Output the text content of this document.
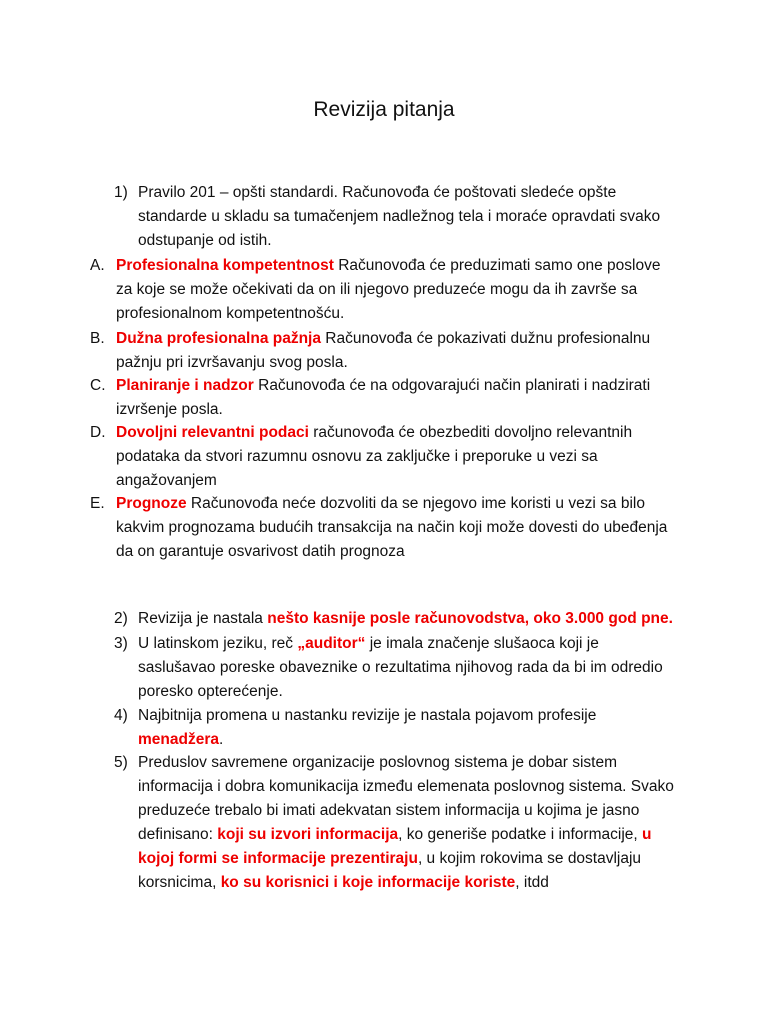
Revizija pitanja
1) Pravilo 201 – opšti standardi. Računovođa će poštovati sledeće opšte standarde u skladu sa tumačenjem nadležnog tela i moraće opravdati svako odstupanje od istih.
A. Profesionalna kompetentnost Računovođa će preduzimati samo one poslove za koje se može očekivati da on ili njegovo preduzeće mogu da ih završe sa profesionalnom kompetentnošću.
B. Dužna profesionalna pažnja Računovođa će pokazivati dužnu profesionalnu pažnju pri izvršavanju svog posla.
C. Planiranje i nadzor Računovođa će na odgovarajući način planirati i nadzirati izvršenje posla.
D. Dovoljni relevantni podaci računovođa će obezbediti dovoljno relevantnih podataka da stvori razumnu osnovu za zaključke i preporuke u vezi sa angažovanjem
E. Prognoze Računovođa neće dozvoliti da se njegovo ime koristi u vezi sa bilo kakvim prognozama budućih transakcija na način koji može dovesti do ubeđenja da on garantuje osvarivost datih prognoza
2) Revizija je nastala nešto kasnije posle računovodstva, oko 3.000 god pne.
3) U latinskom jeziku, reč „auditor“ je imala značenje slušaoca koji je saslušavao poreske obaveznike o rezultatima njihovog rada da bi im odredio poresko opterećenje.
4) Najbitnija promena u nastanku revizije je nastala pojavom profesije menadžera.
5) Preduslov savremene organizacije poslovnog sistema je dobar sistem informacija i dobra komunikacija između elemenata poslovnog sistema. Svako preduzeće trebalo bi imati adekvatan sistem informacija u kojima je jasno definisano: koji su izvori informacija, ko generiše podatke i informacije, u kojoj formi se informacije prezentiraju, u kojim rokovima se dostavljaju korsnicima, ko su korisnici i koje informacije koriste, itdd
